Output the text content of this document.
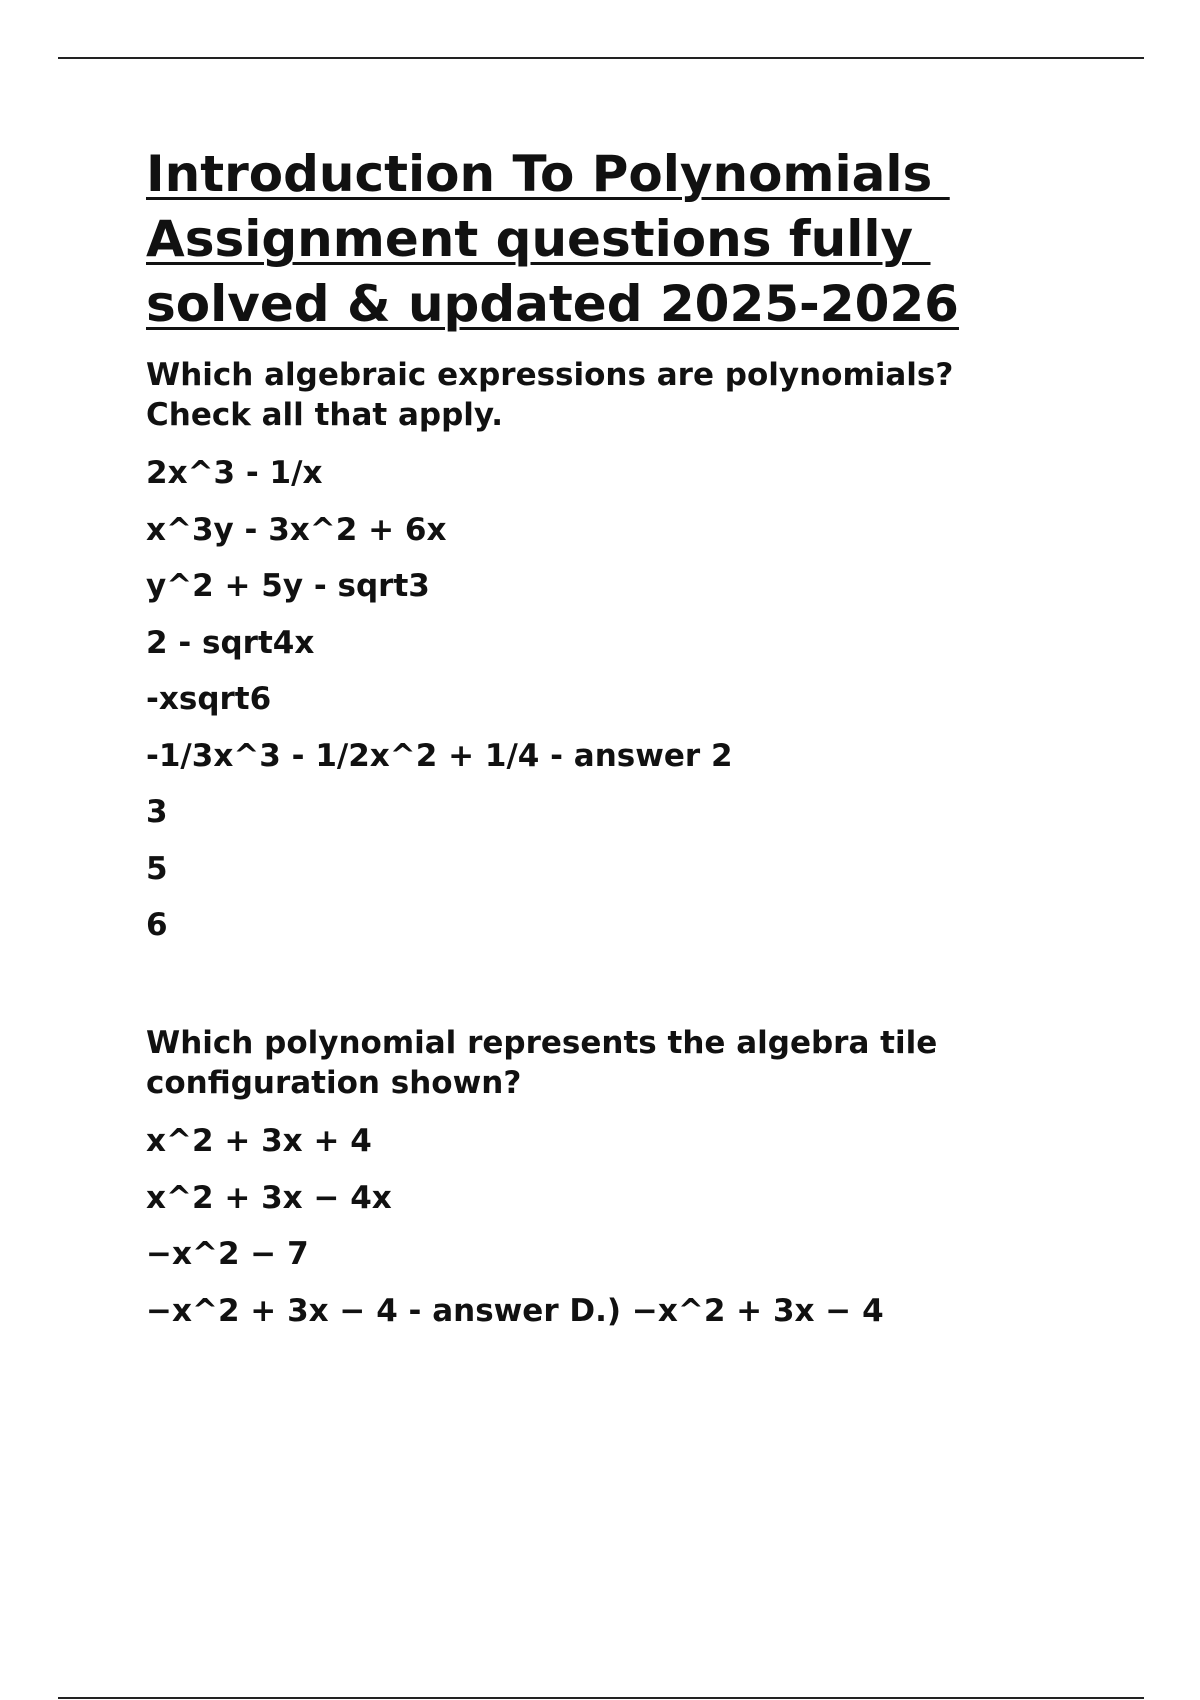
Introduction To Polynomials
Assignment questions fully
solved & updated 2025-2026

Which algebraic expressions are polynomials?
Check all that apply.

2x^3 - 1/x
x^3y - 3x^2 + 6x
y^2 + 5y - sqrt3
2 - sqrt4x
-xsqrt6
-1/3x^3 - 1/2x^2 + 1/4 - answer 2
3
5
6

Which polynomial represents the algebra tile
configuration shown?

x^2 + 3x + 4
x^2 + 3x − 4x
−x^2 − 7
−x^2 + 3x − 4 - answer D.) −x^2 + 3x − 4
